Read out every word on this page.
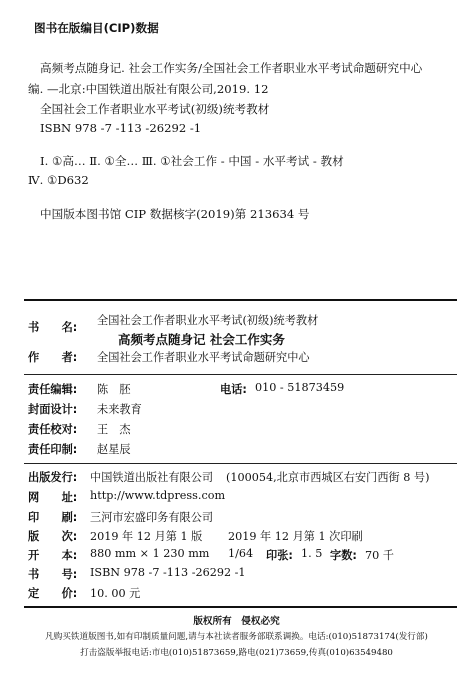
图书在版编目(CIP)数据
高频考点随身记. 社会工作实务/全国社会工作者职业水平考试命题研究中心
编. —北京:中国铁道出版社有限公司,2019. 12
全国社会工作者职业水平考试(初级)统考教材
ISBN 978 -7 -113 -26292 -1
Ⅰ. ①高… Ⅱ. ①全… Ⅲ. ①社会工作 - 中国 - 水平考试 - 教材
Ⅳ. ①D632
中国版本图书馆 CIP 数据核字(2019)第 213634 号
书　　名:
全国社会工作者职业水平考试(初级)统考教材
高频考点随身记 社会工作实务
作　　者: 全国社会工作者职业水平考试命题研究中心
责任编辑: 陈　胚	电话: 010 - 51873459
封面设计: 未来教育
责任校对: 王　杰
责任印制: 赵星辰
出版发行: 中国铁道出版社有限公司 (100054,北京市西城区右安门西街 8 号)
网　　址: http://www.tdpress.com
印　　刷: 三河市宏盛印务有限公司
版　　次: 2019 年 12 月第 1 版 2019 年 12 月第 1 次印刷
开　　本: 880 mm × 1 230 mm 1/64 印张: 1. 5 字数: 70 千
书　　号: ISBN 978 -7 -113 -26292 -1
定　　价: 10. 00 元
版权所有　侵权必究
凡购买铁道版图书,如有印制质量问题,请与本社读者服务部联系调换。电话:(010)51873174(发行部)
打击盗版举报电话:市电(010)51873659,路电(021)73659,传真(010)63549480
